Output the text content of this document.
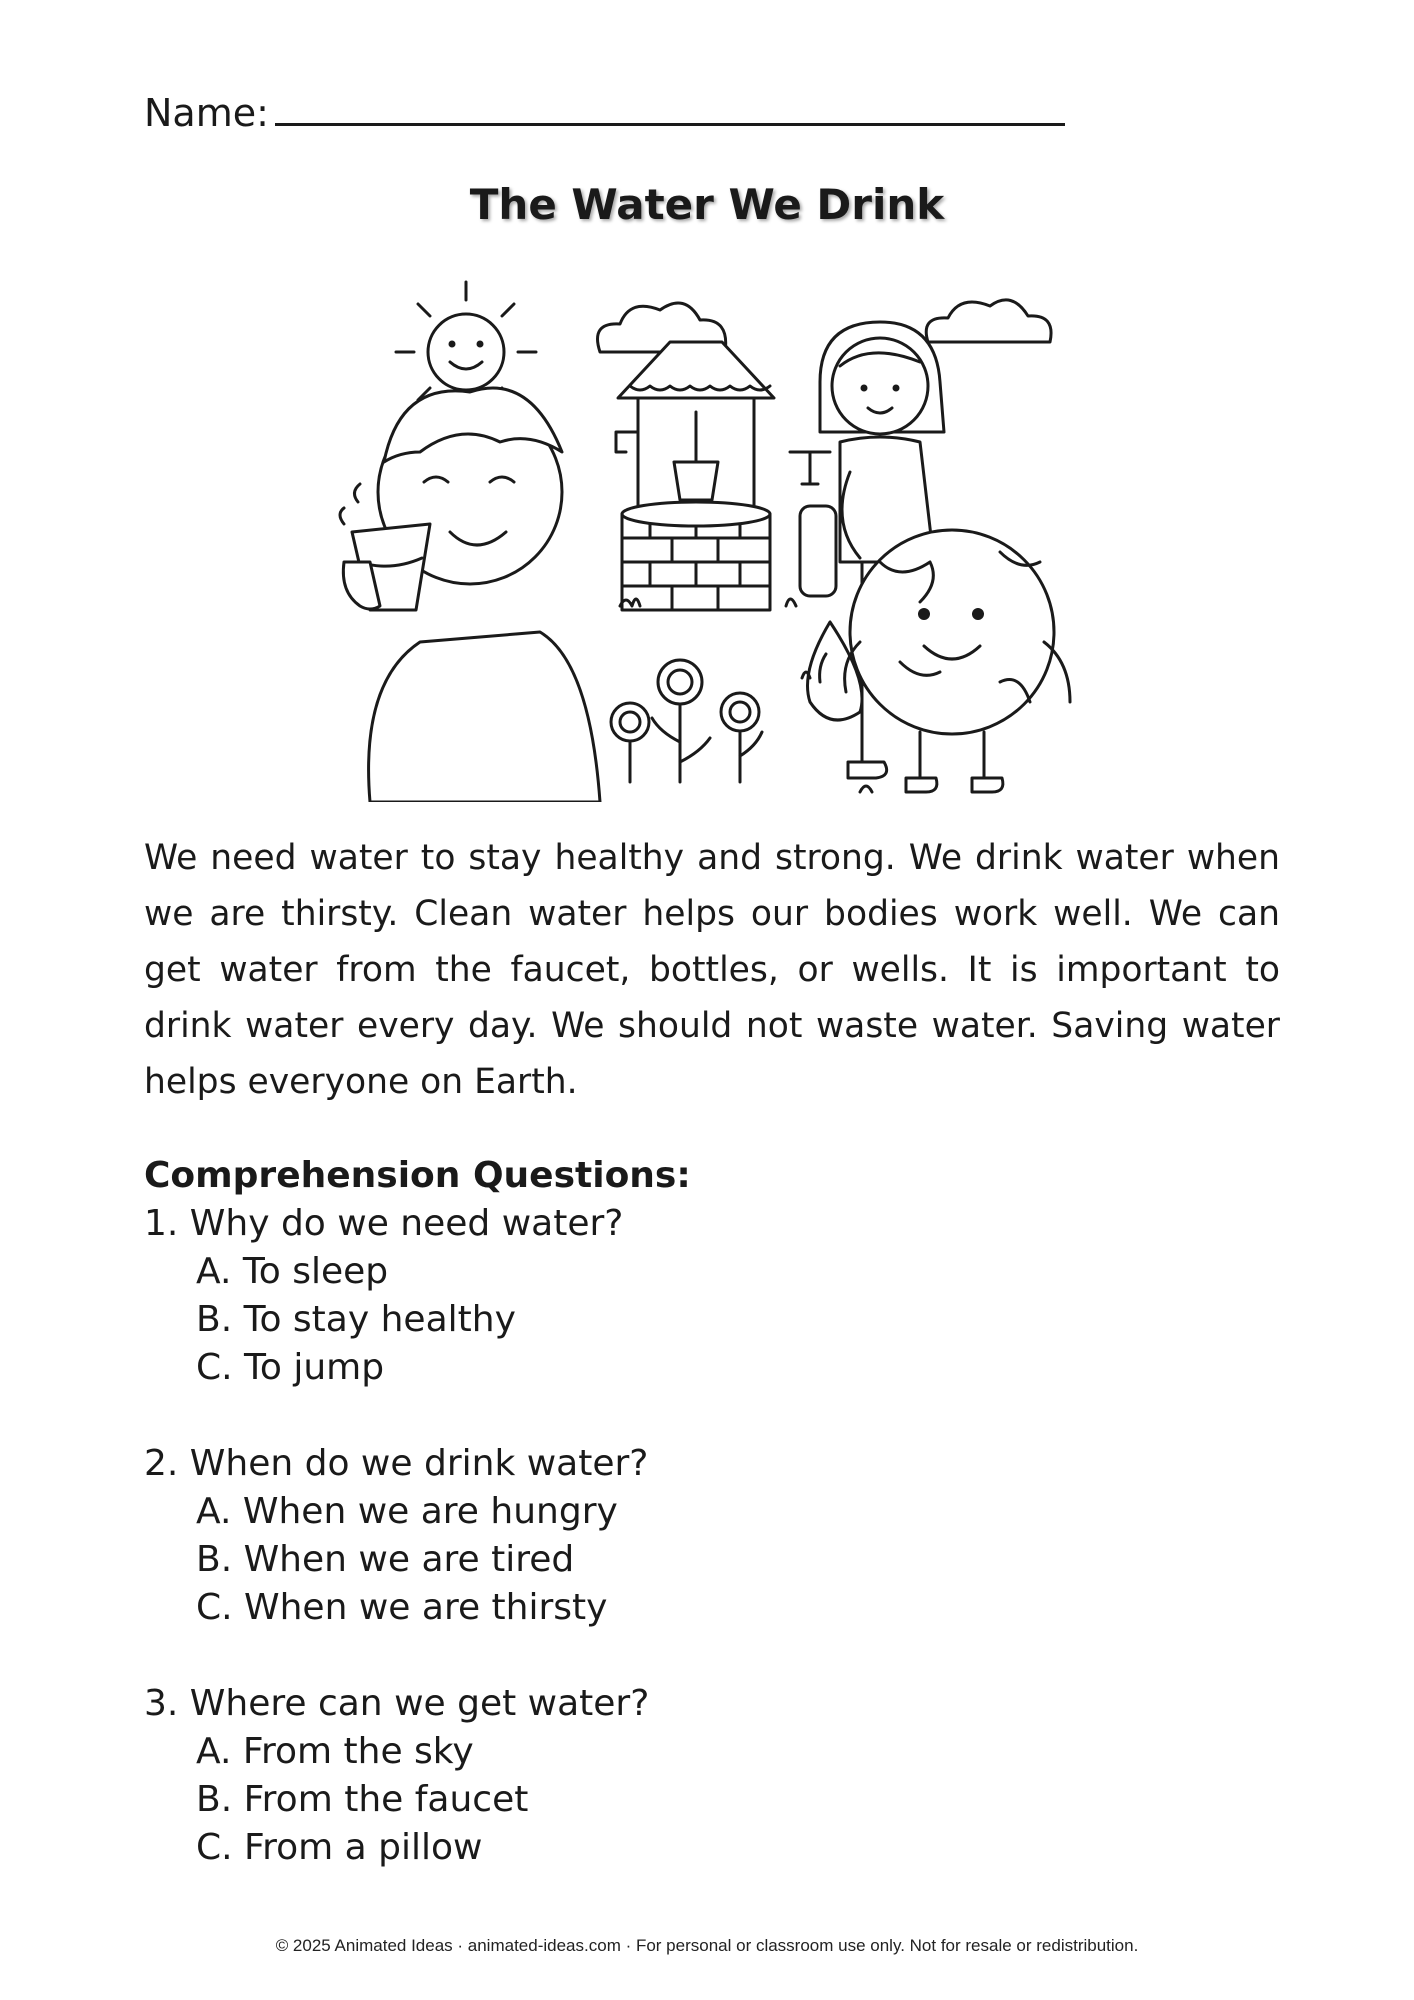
Name:
The Water We Drink

We need water to stay healthy and strong. We drink water when we are thirsty. Clean water helps our bodies work well. We can get water from the faucet, bottles, or wells. It is important to drink water every day. We should not waste water. Saving water helps everyone on Earth.

Comprehension Questions:
1. Why do we need water?
A. To sleep
B. To stay healthy
C. To jump
2. When do we drink water?
A. When we are hungry
B. When we are tired
C. When we are thirsty
3. Where can we get water?
A. From the sky
B. From the faucet
C. From a pillow
© 2025 Animated Ideas · animated-ideas.com · For personal or classroom use only. Not for resale or redistribution.
